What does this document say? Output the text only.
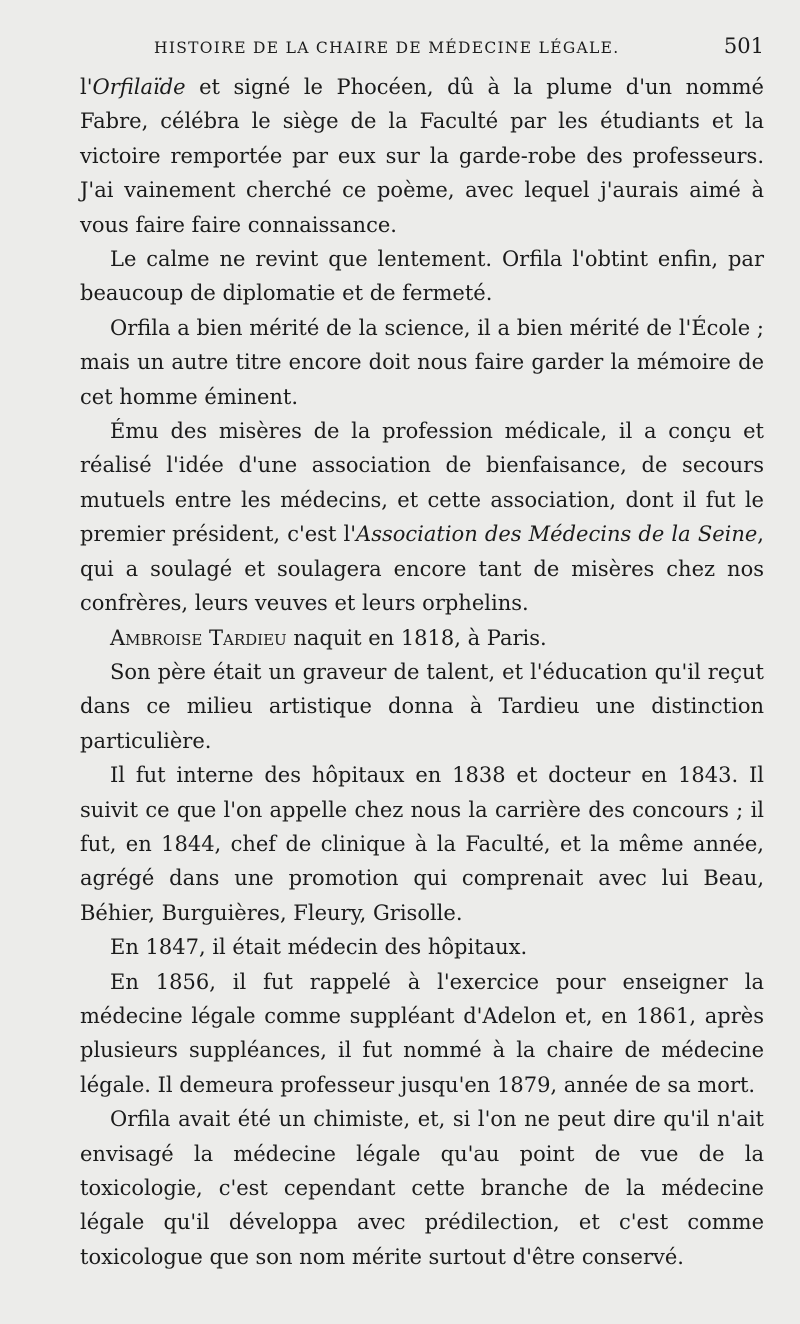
HISTOIRE DE LA CHAIRE DE MÉDECINE LÉGALE.	501

l'Orfilaïde et signé le Phocéen, dû à la plume d'un nommé Fabre, célébra le siège de la Faculté par les étudiants et la victoire remportée par eux sur la garde-robe des professeurs. J'ai vainement cherché ce poème, avec lequel j'aurais aimé à vous faire faire connaissance.

Le calme ne revint que lentement. Orfila l'obtint enfin, par beaucoup de diplomatie et de fermeté.

Orfila a bien mérité de la science, il a bien mérité de l'École ; mais un autre titre encore doit nous faire garder la mémoire de cet homme éminent.

Ému des misères de la profession médicale, il a conçu et réalisé l'idée d'une association de bienfaisance, de secours mutuels entre les médecins, et cette association, dont il fut le premier président, c'est l'Association des Médecins de la Seine, qui a soulagé et soulagera encore tant de misères chez nos confrères, leurs veuves et leurs orphelins.

Ambroise Tardieu naquit en 1818, à Paris.

Son père était un graveur de talent, et l'éducation qu'il reçut dans ce milieu artistique donna à Tardieu une distinction particulière.

Il fut interne des hôpitaux en 1838 et docteur en 1843. Il suivit ce que l'on appelle chez nous la carrière des concours ; il fut, en 1844, chef de clinique à la Faculté, et la même année, agrégé dans une promotion qui comprenait avec lui Beau, Béhier, Burguières, Fleury, Grisolle.

En 1847, il était médecin des hôpitaux.

En 1856, il fut rappelé à l'exercice pour enseigner la médecine légale comme suppléant d'Adelon et, en 1861, après plusieurs suppléances, il fut nommé à la chaire de médecine légale. Il demeura professeur jusqu'en 1879, année de sa mort.

Orfila avait été un chimiste, et, si l'on ne peut dire qu'il n'ait envisagé la médecine légale qu'au point de vue de la toxicologie, c'est cependant cette branche de la médecine légale qu'il développa avec prédilection, et c'est comme toxicologue que son nom mérite surtout d'être conservé.
